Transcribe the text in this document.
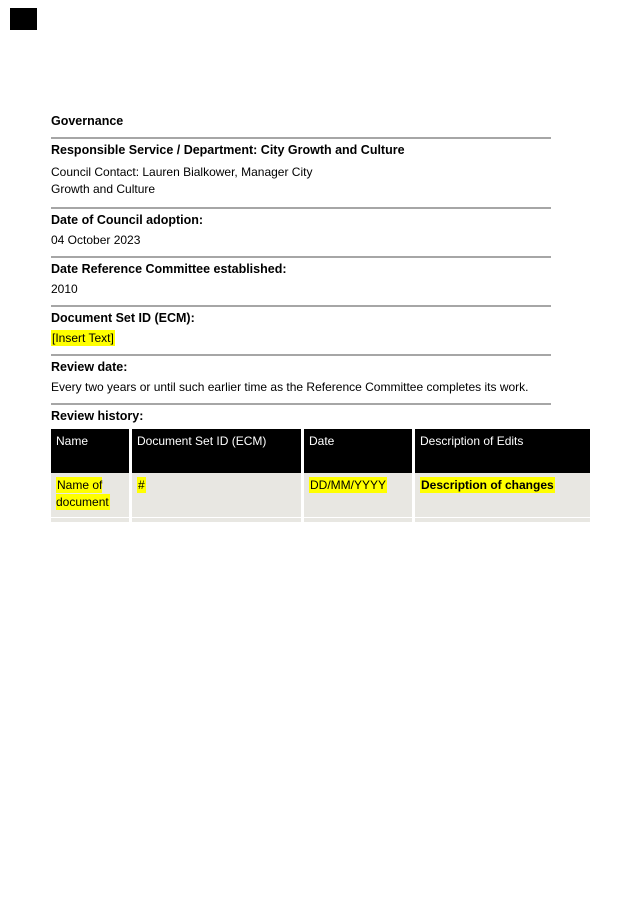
Governance
Responsible Service / Department: City Growth and Culture
Council Contact: Lauren Bialkower, Manager City
Growth and Culture
Date of Council adoption:
04 October 2023
Date Reference Committee established:
2010
Document Set ID (ECM):
[Insert Text]
Review date:
Every two years or until such earlier time as the Reference Committee completes its work.
Review history:
Name	Document Set ID (ECM)	Date	Description of Edits
Name of document	#	DD/MM/YYYY	Description of changes
